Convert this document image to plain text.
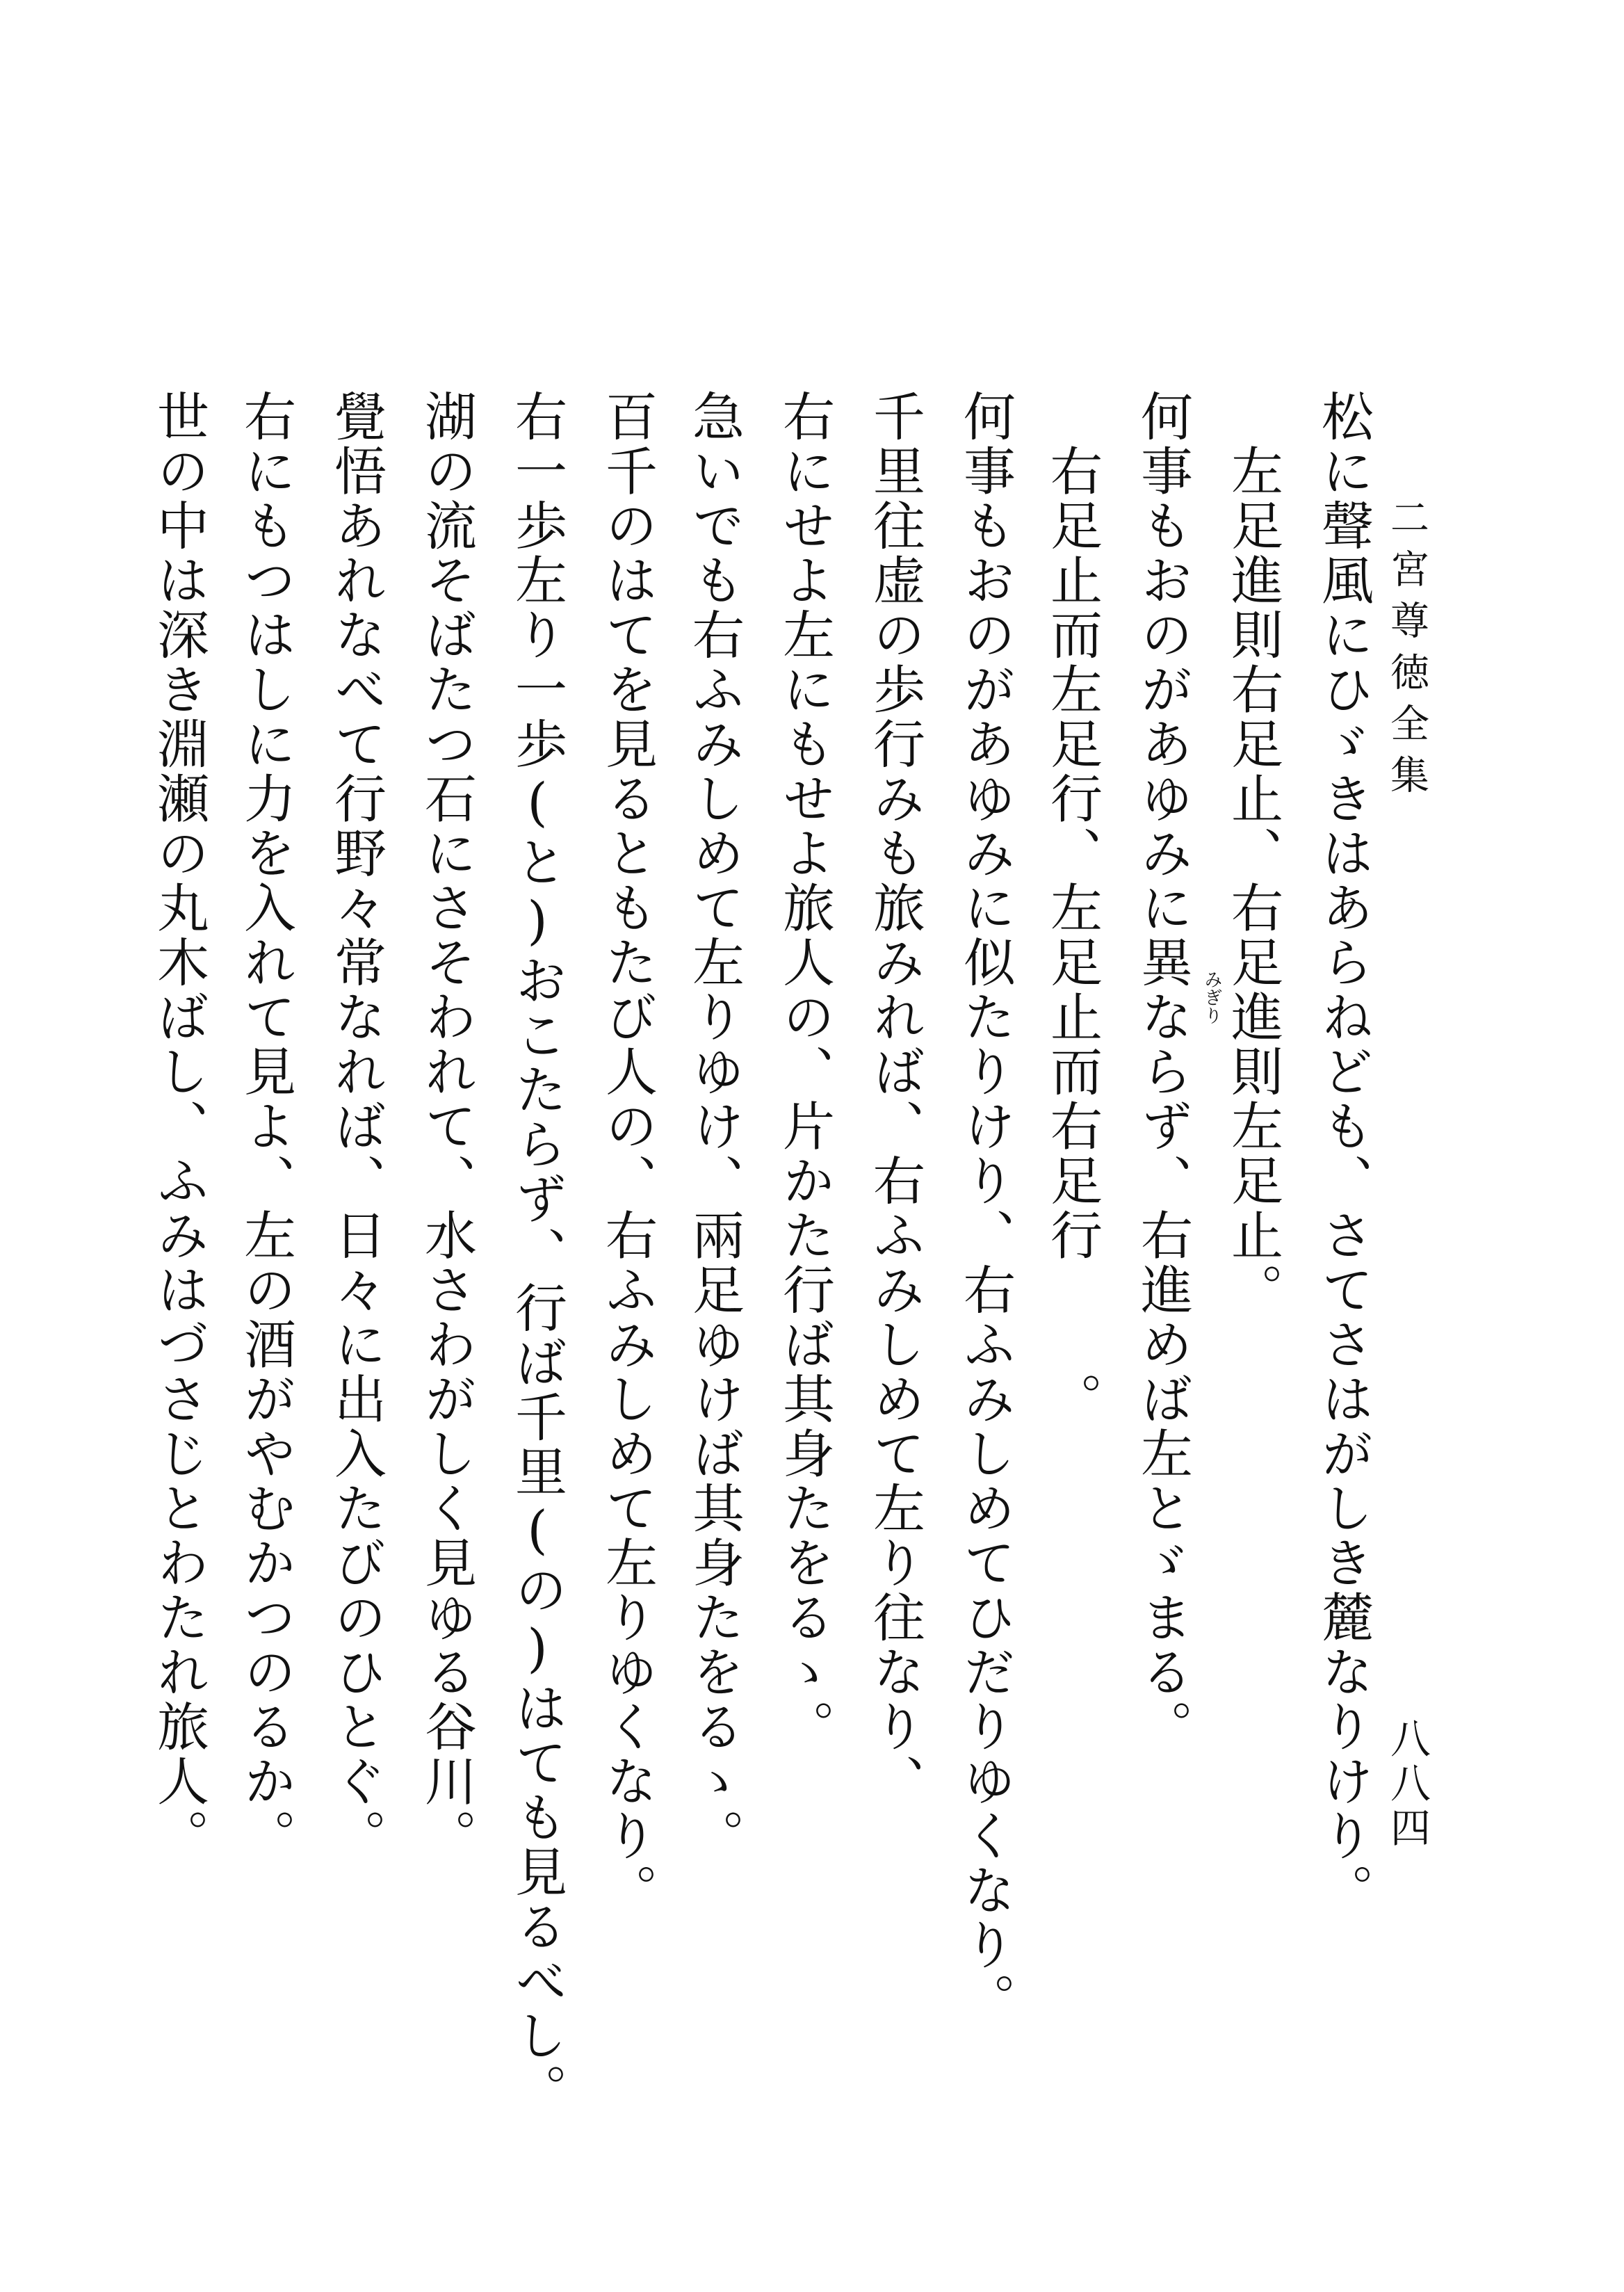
二宮尊徳全集
八八四
松に聲風にひゞきはあらねども、さてさはがしき麓なりけり。
　左足進則右足止、右足進則左足止。
何事もおのがあゆみに異ならず、右進めば左とゞまる。
　右足止而左足行、左足止而右足行　　。
何事もおのがあゆみに似たりけり、右ふみしめてひだりゆくなり。
千里往虚の歩行みも旅みれば、右ふみしめて左り往なり、
右にせよ左にもせよ旅人の、片かた行ば其身たをるゝ。
急いでも右ふみしめて左りゆけ、兩足ゆけば其身たをるゝ。
百千のはてを見るともたび人の、右ふみしめて左りゆくなり。
右一歩左り一歩(と)おこたらず、行ば千里(の)はても見るべし。
湖の流そばたつ石にさそわれて、水さわがしく見ゆる谷川。
覺悟あれなべて行野々常なれば、日々に出入たびのひとぐ。
右にもつはしに力を入れて見よ、左の酒がやむかつのるか。
世の中は深き淵瀬の丸木ばし、ふみはづさじとわたれ旅人。	みぎり
